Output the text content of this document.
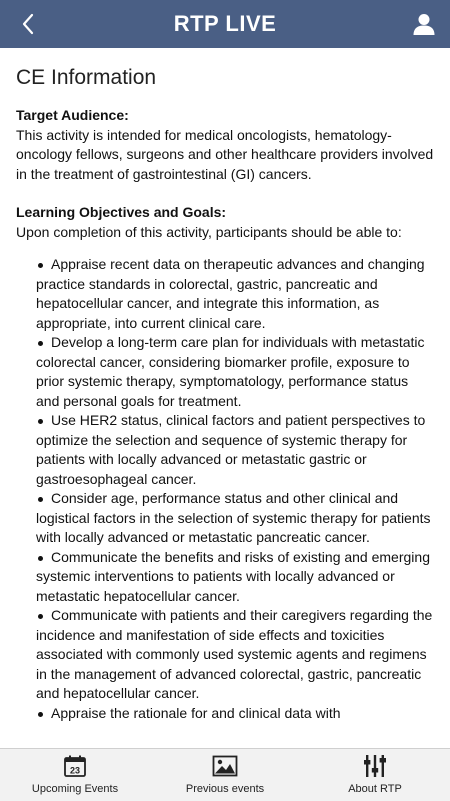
RTP LIVE
CE Information
Target Audience:

This activity is intended for medical oncologists, hematology-oncology fellows, surgeons and other healthcare providers involved in the treatment of gastrointestinal (GI) cancers.

Learning Objectives and Goals:

Upon completion of this activity, participants should be able to:

Appraise recent data on therapeutic advances and changing practice standards in colorectal, gastric, pancreatic and hepatocellular cancer, and integrate this information, as appropriate, into current clinical care.
Develop a long-term care plan for individuals with metastatic colorectal cancer, considering biomarker profile, exposure to prior systemic therapy, symptomatology, performance status and personal goals for treatment.
Use HER2 status, clinical factors and patient perspectives to optimize the selection and sequence of systemic therapy for patients with locally advanced or metastatic gastric or gastroesophageal cancer.
Consider age, performance status and other clinical and logistical factors in the selection of systemic therapy for patients with locally advanced or metastatic pancreatic cancer.
Communicate the benefits and risks of existing and emerging systemic interventions to patients with locally advanced or metastatic hepatocellular cancer.
Communicate with patients and their caregivers regarding the incidence and manifestation of side effects and toxicities associated with commonly used systemic agents and regimens in the management of advanced colorectal, gastric, pancreatic and hepatocellular cancer.
Appraise the rationale for and clinical data with
23
Upcoming Events	Previous events	About RTP
